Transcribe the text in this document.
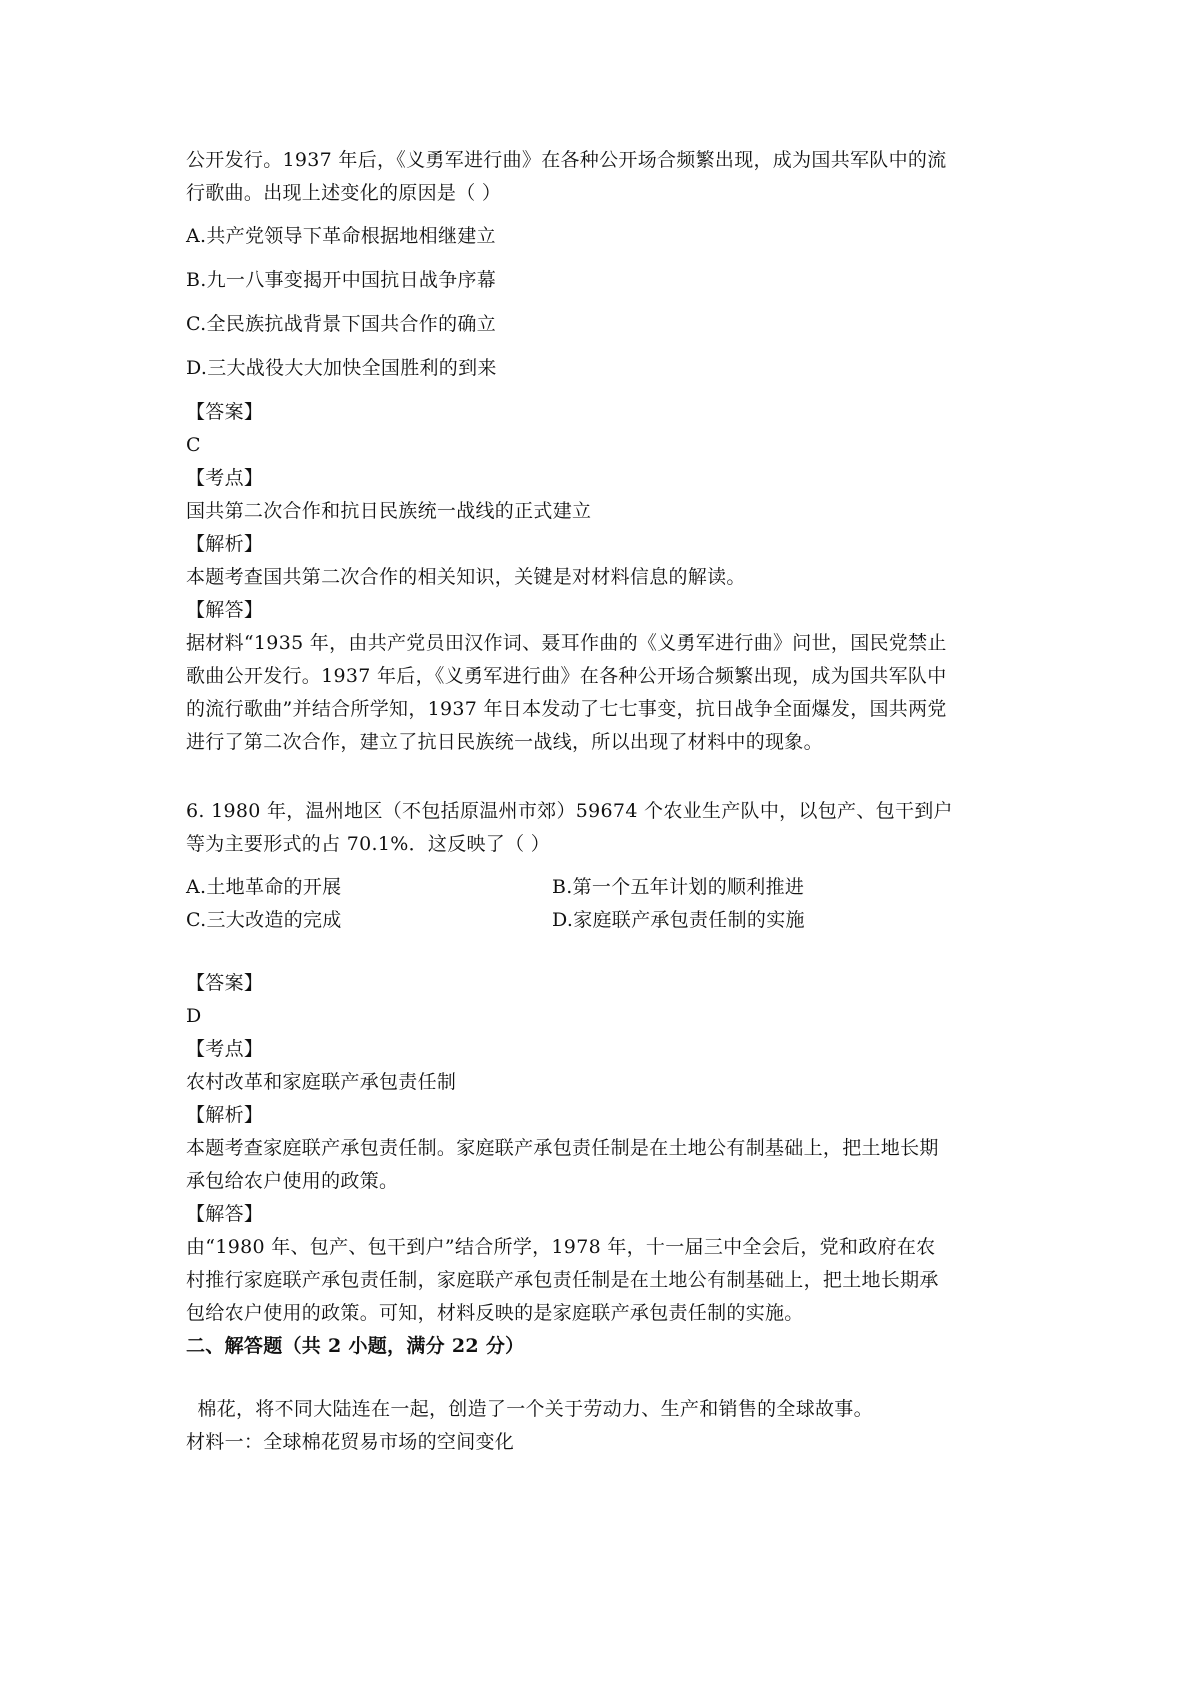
公开发行。1937 年后，《义勇军进行曲》在各种公开场合频繁出现，成为国共军队中的流

行歌曲。出现上述变化的原因是（ ）

A.共产党领导下革命根据地相继建立

B.九一八事变揭开中国抗日战争序幕

C.全民族抗战背景下国共合作的确立

D.三大战役大大加快全国胜利的到来

【答案】

C

【考点】

国共第二次合作和抗日民族统一战线的正式建立

【解析】

本题考查国共第二次合作的相关知识，关键是对材料信息的解读。

【解答】

据材料“1935 年，由共产党员田汉作词、聂耳作曲的《义勇军进行曲》问世，国民党禁止

歌曲公开发行。1937 年后，《义勇军进行曲》在各种公开场合频繁出现，成为国共军队中

的流行歌曲”并结合所学知，1937 年日本发动了七七事变，抗日战争全面爆发，国共两党

进行了第二次合作，建立了抗日民族统一战线，所以出现了材料中的现象。

6. 1980 年，温州地区（不包括原温州市郊）59674 个农业生产队中，以包产、包干到户

等为主要形式的占 70.1%．这反映了（ ）

A.土地革命的开展	B.第一个五年计划的顺利推进

C.三大改造的完成	D.家庭联产承包责任制的实施

【答案】

D

【考点】

农村改革和家庭联产承包责任制

【解析】

本题考查家庭联产承包责任制。家庭联产承包责任制是在土地公有制基础上，把土地长期

承包给农户使用的政策。

【解答】

由“1980 年、包产、包干到户”结合所学，1978 年，十一届三中全会后，党和政府在农

村推行家庭联产承包责任制，家庭联产承包责任制是在土地公有制基础上，把土地长期承

包给农户使用的政策。可知，材料反映的是家庭联产承包责任制的实施。

二、解答题（共 2 小题，满分 22 分）

棉花，将不同大陆连在一起，创造了一个关于劳动力、生产和销售的全球故事。

材料一：全球棉花贸易市场的空间变化
